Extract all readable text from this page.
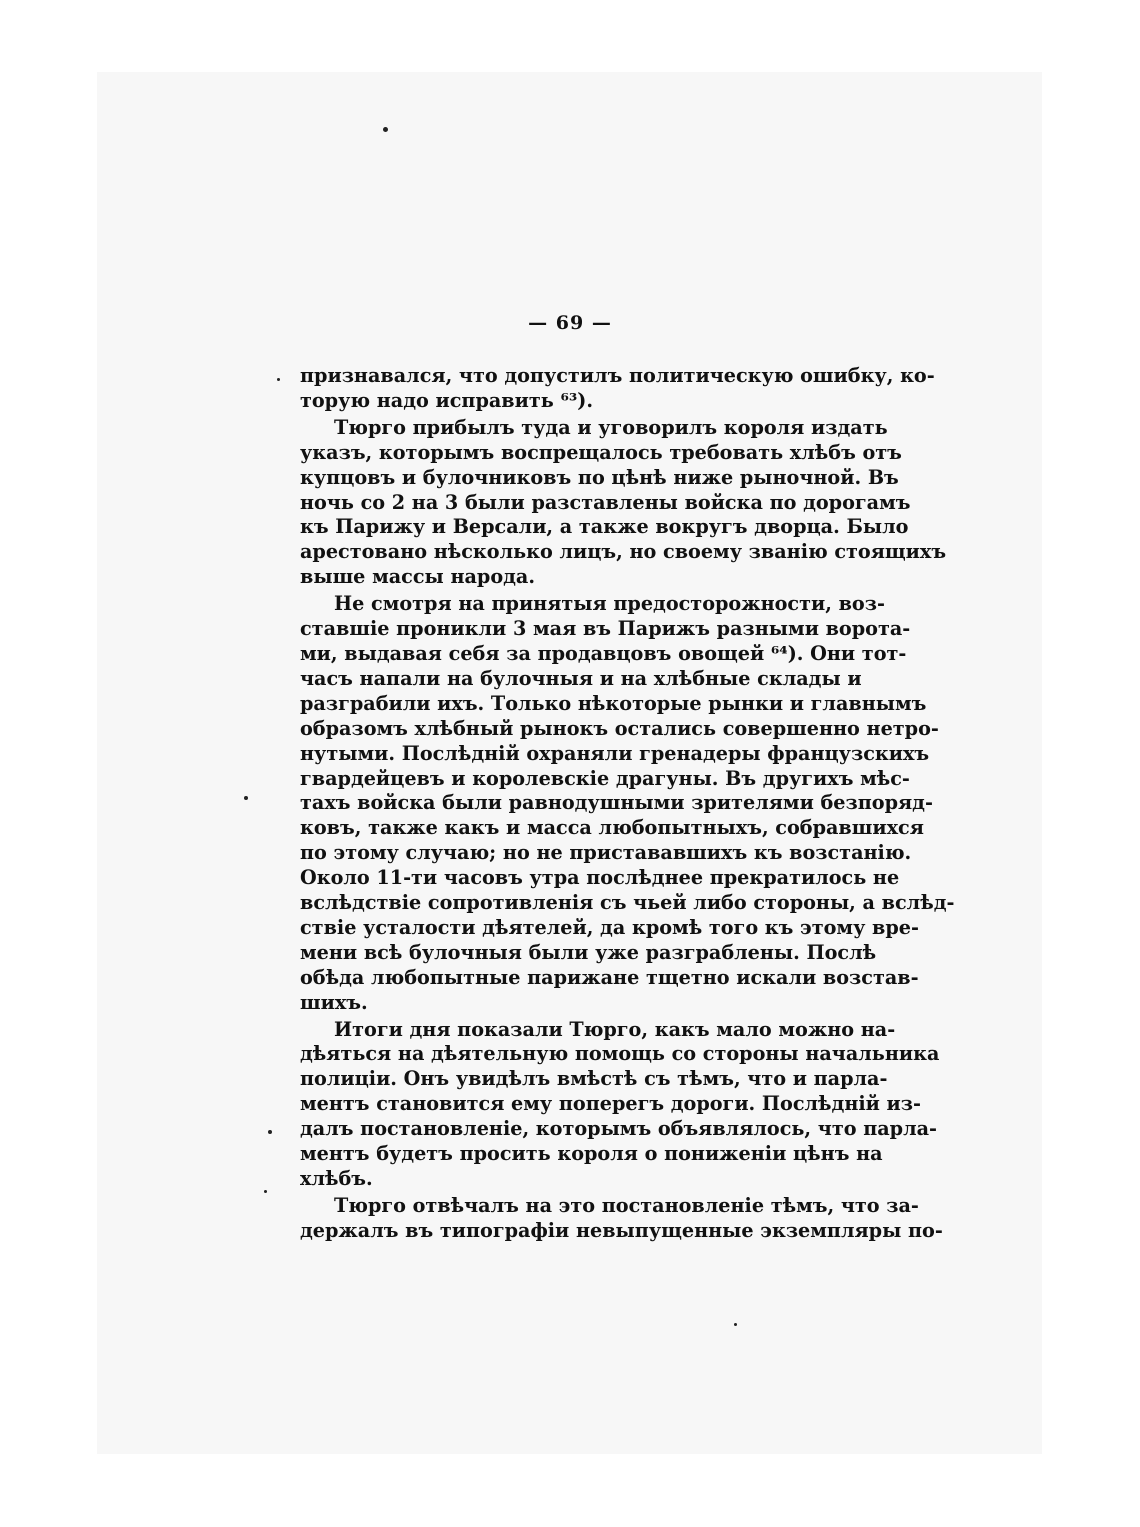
— 69 —

признавался, что допустилъ политическую ошибку, ко-
торую надо исправить ⁶³).

Тюрго прибылъ туда и уговорилъ короля издать
указъ, которымъ воспрещалось требовать хлѣбъ отъ
купцовъ и булочниковъ по цѣнѣ ниже рыночной. Въ
ночь со 2 на 3 были разставлены войска по дорогамъ
къ Парижу и Версали, а также вокругъ дворца. Было
арестовано нѣсколько лицъ, но своему званію стоящихъ
выше массы народа.

Не смотря на принятыя предосторожности, воз-
ставшіе проникли 3 мая въ Парижъ разными ворота-
ми, выдавая себя за продавцовъ овощей ⁶⁴). Они тот-
часъ напали на булочныя и на хлѣбные склады и
разграбили ихъ. Только нѣкоторые рынки и главнымъ
образомъ хлѣбный рынокъ остались совершенно нетро-
нутыми. Послѣдній охраняли гренадеры французскихъ
гвардейцевъ и королевскіе драгуны. Въ другихъ мѣс-
тахъ войска были равнодушными зрителями безпоряд-
ковъ, также какъ и масса любопытныхъ, собравшихся
по этому случаю; но не пристававшихъ къ возстанію.
Около 11-ти часовъ утра послѣднее прекратилось не
вслѣдствіе сопротивленія съ чьей либо стороны, а вслѣд-
ствіе усталости дѣятелей, да кромѣ того къ этому вре-
мени всѣ булочныя были уже разграблены. Послѣ
обѣда любопытные парижане тщетно искали возстав-
шихъ.

Итоги дня показали Тюрго, какъ мало можно на-
дѣяться на дѣятельную помощь со стороны начальника
полиціи. Онъ увидѣлъ вмѣстѣ съ тѣмъ, что и парла-
ментъ становится ему поперегъ дороги. Послѣдній из-
далъ постановленіе, которымъ объявлялось, что парла-
ментъ будетъ просить короля о пониженіи цѣнъ на
хлѣбъ.

Тюрго отвѣчалъ на это постановленіе тѣмъ, что за-
держалъ въ типографіи невыпущенные экземпляры по-
